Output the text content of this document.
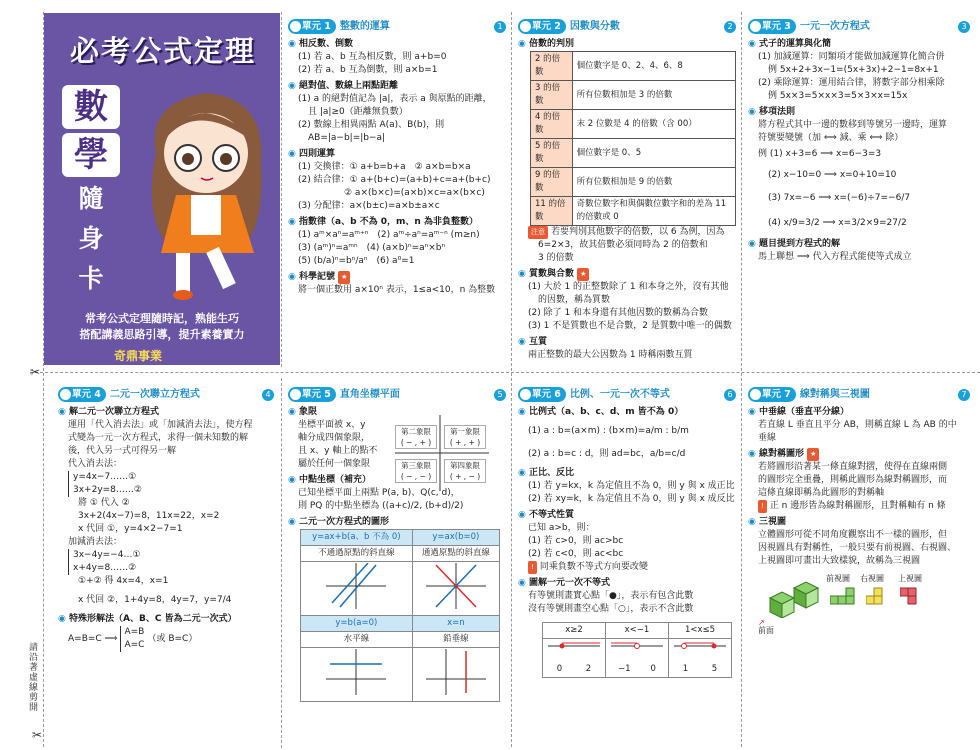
✂
✂
請沿著虛線剪開
必考公式定理
數
學
隨
身
卡
常考公式定理隨時記，熟能生巧
搭配講義思路引導，提升素養實力
奇鼎事業
單元 1 整數的運算	1
◉ 相反數、倒數
(1) 若 a、b 互為相反數，則 a+b=0
(2) 若 a、b 互為倒數，則 a×b=1
◉ 絕對值、數線上兩點距離
(1) a 的絕對值記為 |a|，表示 a 與原點的距離，
且 |a|≥0（距離無負數）
(2) 數線上相異兩點 A(a)、B(b)，則
AB=|a−b|=|b−a|
◉ 四則運算
(1) 交換律：① a+b=b+a　② a×b=b×a
(2) 結合律：① a+(b+c)=(a+b)+c=a+(b+c)
② a×(b×c)=(a×b)×c=a×(b×c)
(3) 分配律：a×(b±c)=a×b±a×c
◉ 指數律（a、b 不為 0，m、n 為非負整數）
(1) aᵐ×aⁿ=aᵐ⁺ⁿ　(2) aᵐ÷aⁿ=aᵐ⁻ⁿ (m≥n)
(3) (aᵐ)ⁿ=aᵐⁿ　(4) (a×b)ⁿ=aⁿ×bⁿ
(5) (b/a)ⁿ=bⁿ/aⁿ　(6) a⁰=1
◉ 科學記號 ★
將一個正數用 a×10ⁿ 表示，1≤a<10，n 為整數
單元 2 因數與分數	2
◉ 倍數的判別
2 的倍數	個位數字是 0、2、4、6、8
3 的倍數	所有位數相加是 3 的倍數
4 的倍數	末 2 位數是 4 的倍數（含 00）
5 的倍數	個位數字是 0、5
9 的倍數	所有位數相加是 9 的倍數
11 的倍數	奇數位數字和與偶數位數字和的差為 11 的倍數或 0
注意 若要判別其他數字的倍數，以 6 為例，因為
6=2×3，故其倍數必須同時為 2 的倍數和
3 的倍數
◉ 質數與合數 ★
(1) 大於 1 的正整數除了 1 和本身之外，沒有其他
的因數，稱為質數
(2) 除了 1 和本身還有其他因數的數稱為合數
(3) 1 不是質數也不是合數，2 是質數中唯一的偶數
◉ 互質
兩正整數的最大公因數為 1 時稱兩數互質
單元 3 一元一次方程式	3
◉ 式子的運算與化簡
(1) 加減運算：同類項才能做加減運算化簡合併
例 5x+2+3x−1=(5x+3x)+2−1=8x+1
(2) 乘除運算：運用結合律，將數字部分相乘除
例 5x×3=5×x×3=5×3×x=15x
◉ 移項法則
將方程式其中一邊的數移到等號另一邊時，運算
符號要變號（加 ⟺ 減、乘 ⟺ 除）
例 (1) x+3=6 ⟹ x=6−3=3
(2) x−10=0 ⟹ x=0+10=10
(3) 7x=−6 ⟹ x=(−6)÷7=−6/7
(4) x/9=3/2 ⟹ x=3/2×9=27/2
◉ 題目提到方程式的解
馬上聯想 ⟹ 代入方程式能使等式成立
單元 4 二元一次聯立方程式	4
◉ 解二元一次聯立方程式
運用「代入消去法」或「加減消去法」，使方程
式變為一元一次方程式，求得一個未知數的解
後，代入另一式可得另一解
代入消去法：
y=4x−7……①
3x+2y=8……②
將 ① 代入 ②
3x+2(4x−7)=8，11x=22，x=2
x 代回 ①，y=4×2−7=1
加減消去法：
3x−4y=−4…①
x+4y=8……②
①+② 得 4x=4，x=1
x 代回 ②，1+4y=8，4y=7，y=7/4
◉ 特殊形解法（A、B、C 皆為二元一次式）
A=B=C ⟹
A=B
A=C
（或 B=C）
單元 5 直角坐標平面	5
◉ 象限
坐標平面被 x、y
軸分成四個象限，
且 x、y 軸上的點不
屬於任何一個象限
◉ 中點坐標（補充）
已知坐標平面上兩點 P(a, b)、Q(c, d)，
則 PQ 的中點坐標為 ((a+c)/2, (b+d)/2)
◉ 二元一次方程式的圖形
y=ax+b(a、b 不為 0)	y=ax(b=0)
不通過原點的斜直線	通過原點的斜直線

y=b(a=0)	x=n
水平線	鉛垂線

第二象限
( − , + )
第一象限
( + , + )
第三象限
( − , − )
第四象限
( + , − )
單元 6 比例、一元一次不等式	6
◉ 比例式（a、b、c、d、m 皆不為 0）
(1) a : b=(a×m) : (b×m)=a/m : b/m
(2) a : b=c : d，則 ad=bc，a/b=c/d
◉ 正比、反比
(1) 若 y=kx，k 為定值且不為 0，則 y 與 x 成正比
(2) 若 xy=k，k 為定值且不為 0，則 y 與 x 成反比
◉ 不等式性質
已知 a>b，則：
(1) 若 c>0，則 ac>bc
(2) 若 c<0，則 ac<bc
! 同乘負數不等式方向要改變
◉ 圖解一元一次不等式
有等號則畫實心點「●」，表示有包含此數
沒有等號則畫空心點「○」，表示不含此數
x≥2	x<−1	1<x≤5

0 2	−1 0	1 5
單元 7 線對稱與三視圖	7
◉ 中垂線（垂直平分線）
若直線 L 垂直且平分 AB，則稱直線 L 為 AB 的中
垂線
◉ 線對稱圖形 ★
若將圖形沿著某一條直線對摺，使得在直線兩側
的圖形完全重疊，則稱此圖形為線對稱圖形，而
這條直線即稱為此圖形的對稱軸
! 正 n 邊形皆為線對稱圖形，且對稱軸有 n 條
◉ 三視圖
立體圖形可從不同角度觀察出不一樣的圖形，但
因視圖具有對稱性，一般只要有前視圖、右視圖、
上視圖即可畫出大致樣貌，故稱為三視圖
↗
前面
前視圖 右視圖 上視圖
